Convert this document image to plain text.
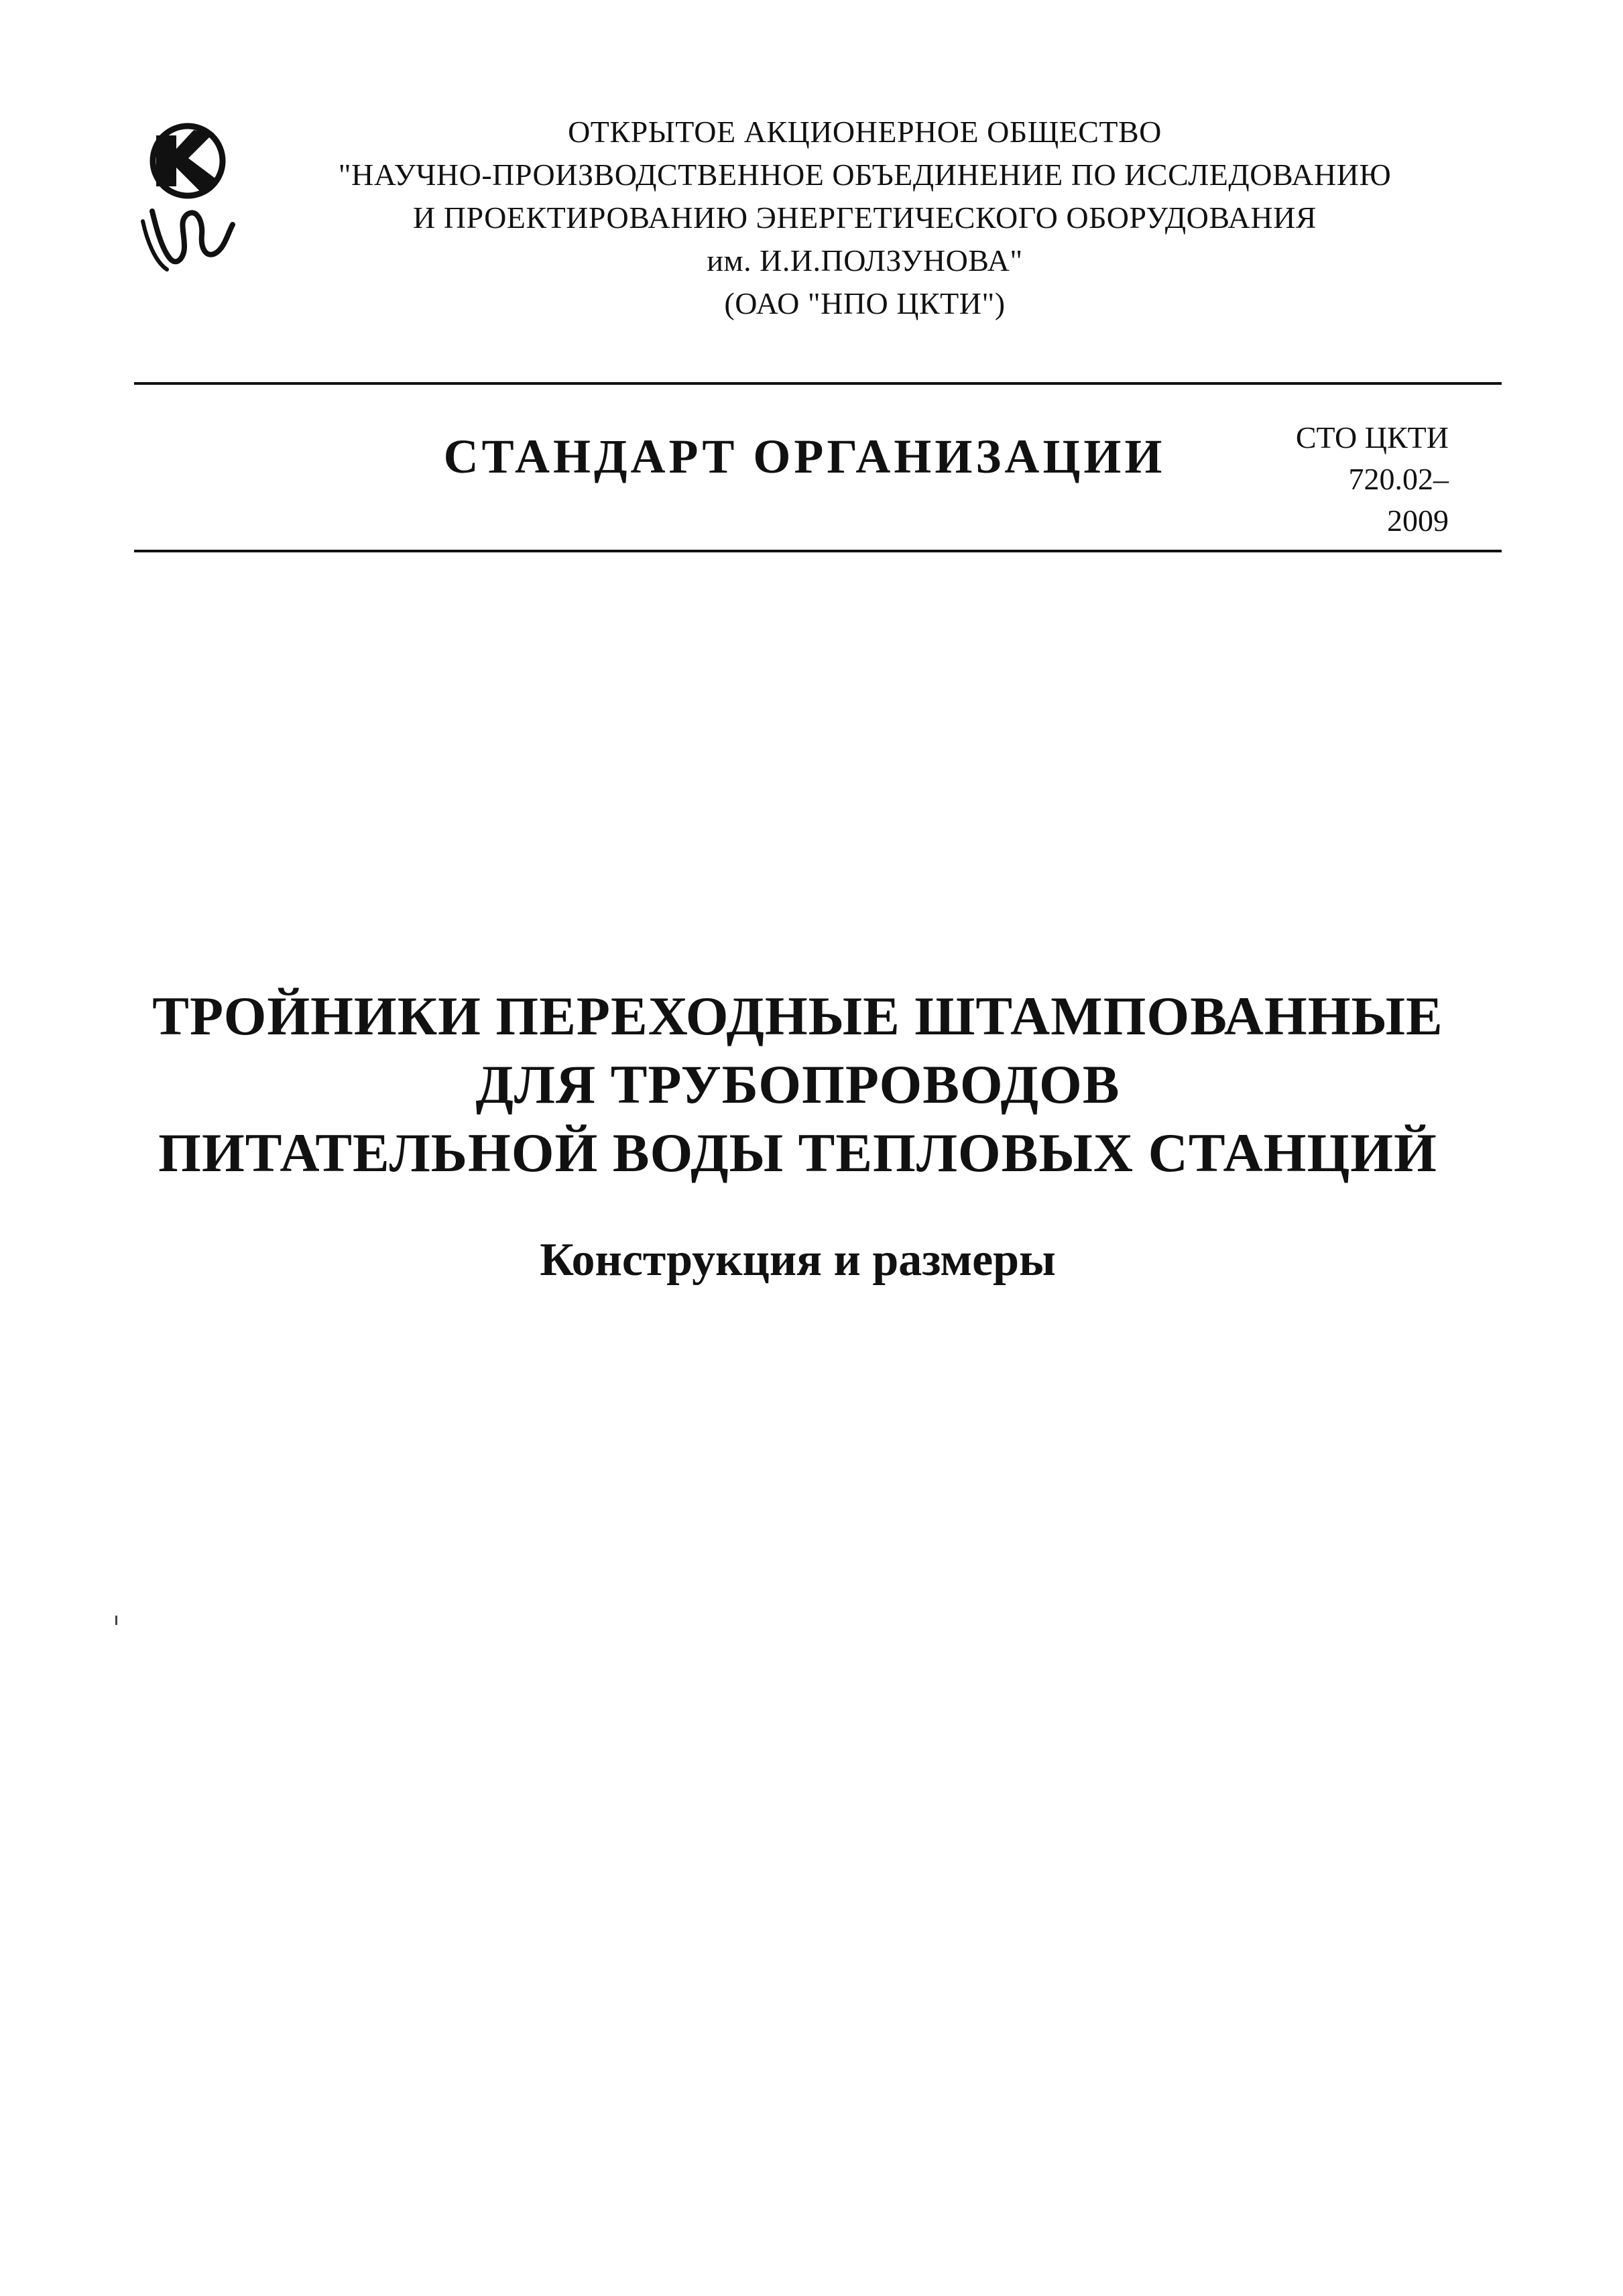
ОТКРЫТОЕ АКЦИОНЕРНОЕ ОБЩЕСТВО
"НАУЧНО-ПРОИЗВОДСТВЕННОЕ ОБЪЕДИНЕНИЕ ПО ИССЛЕДОВАНИЮ
И ПРОЕКТИРОВАНИЮ ЭНЕРГЕТИЧЕСКОГО ОБОРУДОВАНИЯ
им. И.И.ПОЛЗУНОВА"
(ОАО "НПО ЦКТИ")
СТАНДАРТ ОРГАНИЗАЦИИ	СТО ЦКТИ
720.02–
2009
ТРОЙНИКИ ПЕРЕХОДНЫЕ ШТАМПОВАННЫЕ
ДЛЯ ТРУБОПРОВОДОВ
ПИТАТЕЛЬНОЙ ВОДЫ ТЕПЛОВЫХ СТАНЦИЙ
Конструкция и размеры
